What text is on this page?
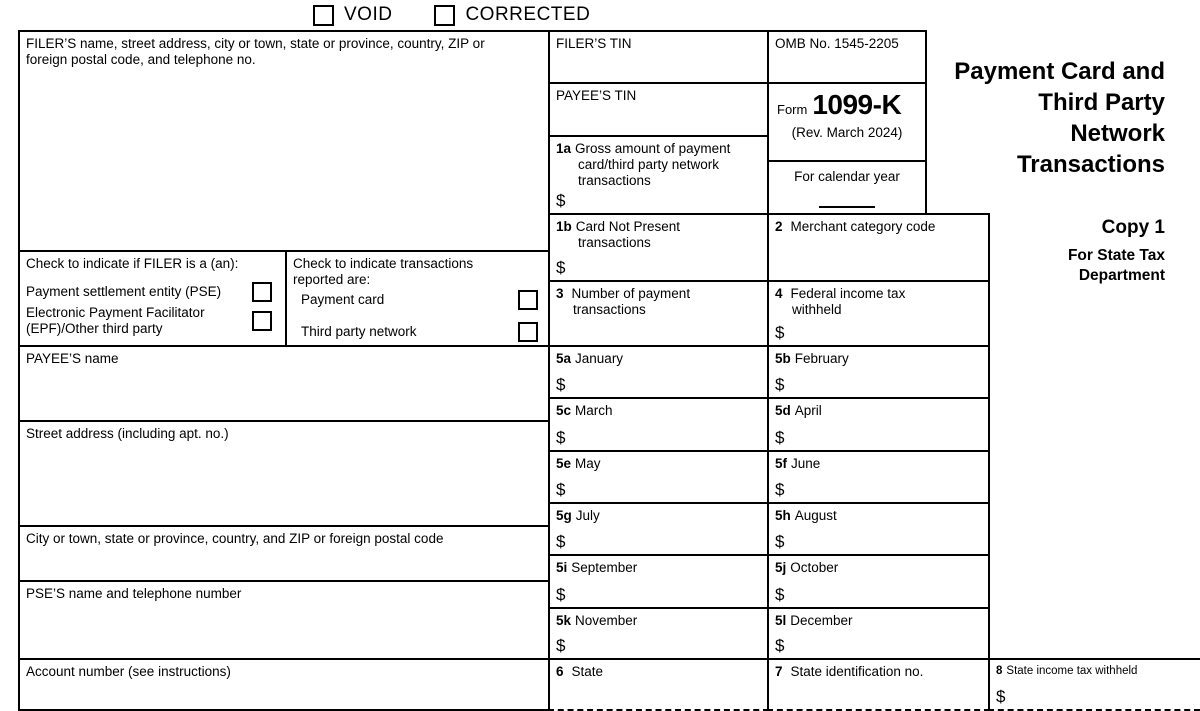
VOID	CORRECTED
FILER’S name, street address, city or town, state or province, country, ZIP or foreign postal code, and telephone no.
Check to indicate if FILER is a (an):
Payment settlement entity (PSE)
Electronic Payment Facilitator (EPF)/Other third party
Check to indicate transactions reported are:
Payment card
Third party network
PAYEE’S name
Street address (including apt. no.)
City or town, state or province, country, and ZIP or foreign postal code
PSE’S name and telephone number
Account number (see instructions)
FILER’S TIN
PAYEE’S TIN
1a Gross amount of payment card/third party network transactions
$
1b Card Not Present transactions
$
3 Number of payment transactions
5a January
$
5c March
$
5e May
$
5g July
$
5i September
$
5k November
$
6 State
OMB No. 1545-2205
Form 1099-K
(Rev. March 2024)
For calendar year
2 Merchant category code
4 Federal income tax withheld
$
5b February
$
5d April
$
5f June
$
5h August
$
5j October
$
5l December
$
7 State identification no.	8 State income tax withheld
$
Payment Card and
Third Party
Network
Transactions
Copy 1
For State Tax
Department
